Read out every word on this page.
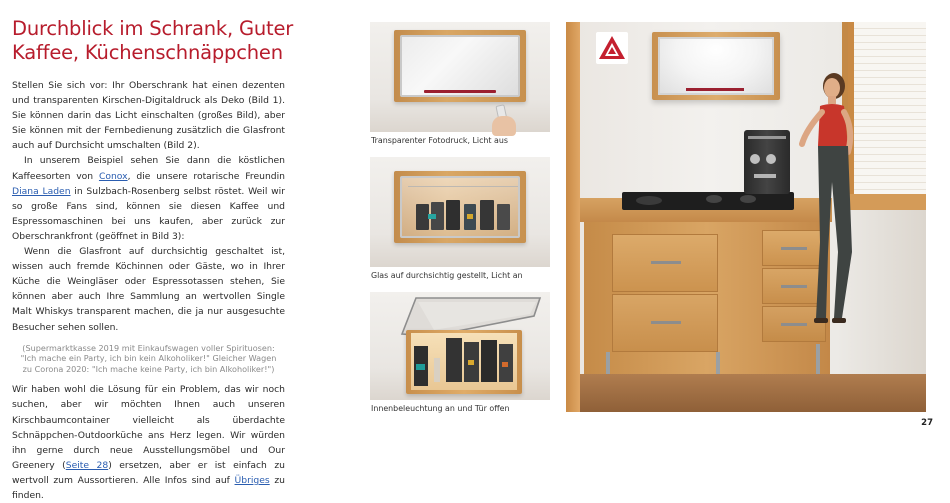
Durchblick im Schrank, Guter Kaffee, Küchenschnäppchen

Stellen Sie sich vor: Ihr Oberschrank hat einen dezenten und transparenten Kirschen-Digitaldruck als Deko (Bild 1). Sie können darin das Licht einschalten (großes Bild), aber Sie können mit der Fernbedienung zusätzlich die Glasfront auch auf Durchsicht umschalten (Bild 2).

In unserem Beispiel sehen Sie dann die köstlichen Kaffeesorten von Conox, die unsere rotarische Freundin Diana Laden in Sulzbach-Rosenberg selbst röstet. Weil wir so große Fans sind, können sie diesen Kaffee und Espressomaschinen bei uns kaufen, aber zurück zur Oberschrankfront (geöffnet in Bild 3):

Wenn die Glasfront auf durchsichtig geschaltet ist, wissen auch fremde Köchinnen oder Gäste, wo in Ihrer Küche die Weingläser oder Espressotassen stehen, Sie können aber auch Ihre Sammlung an wertvollen Single Malt Whiskys transparent machen, die ja nur ausgesuchte Besucher sehen sollen.

(Supermarktkasse 2019 mit Einkaufswagen voller Spirituosen: "Ich mache ein Party, ich bin kein Alkoholiker!" Gleicher Wagen zu Corona 2020: "Ich mache keine Party, ich bin Alkoholiker!")

Wir haben wohl die Lösung für ein Problem, das wir noch suchen, aber wir möchten Ihnen auch unseren Kirschbaumcontainer vielleicht als überdachte Schnäppchen-Outdoorküche ans Herz legen. Wir würden ihn gerne durch neue Ausstellungsmöbel und Our Greenery (Seite 28) ersetzen, aber er ist einfach zu wertvoll zum Aussortieren. Alle Infos sind auf Übriges zu finden.

Transparenter Fotodruck, Licht aus
Glas auf durchsichtig gestellt, Licht an
Innenbeleuchtung an und Tür offen
27
